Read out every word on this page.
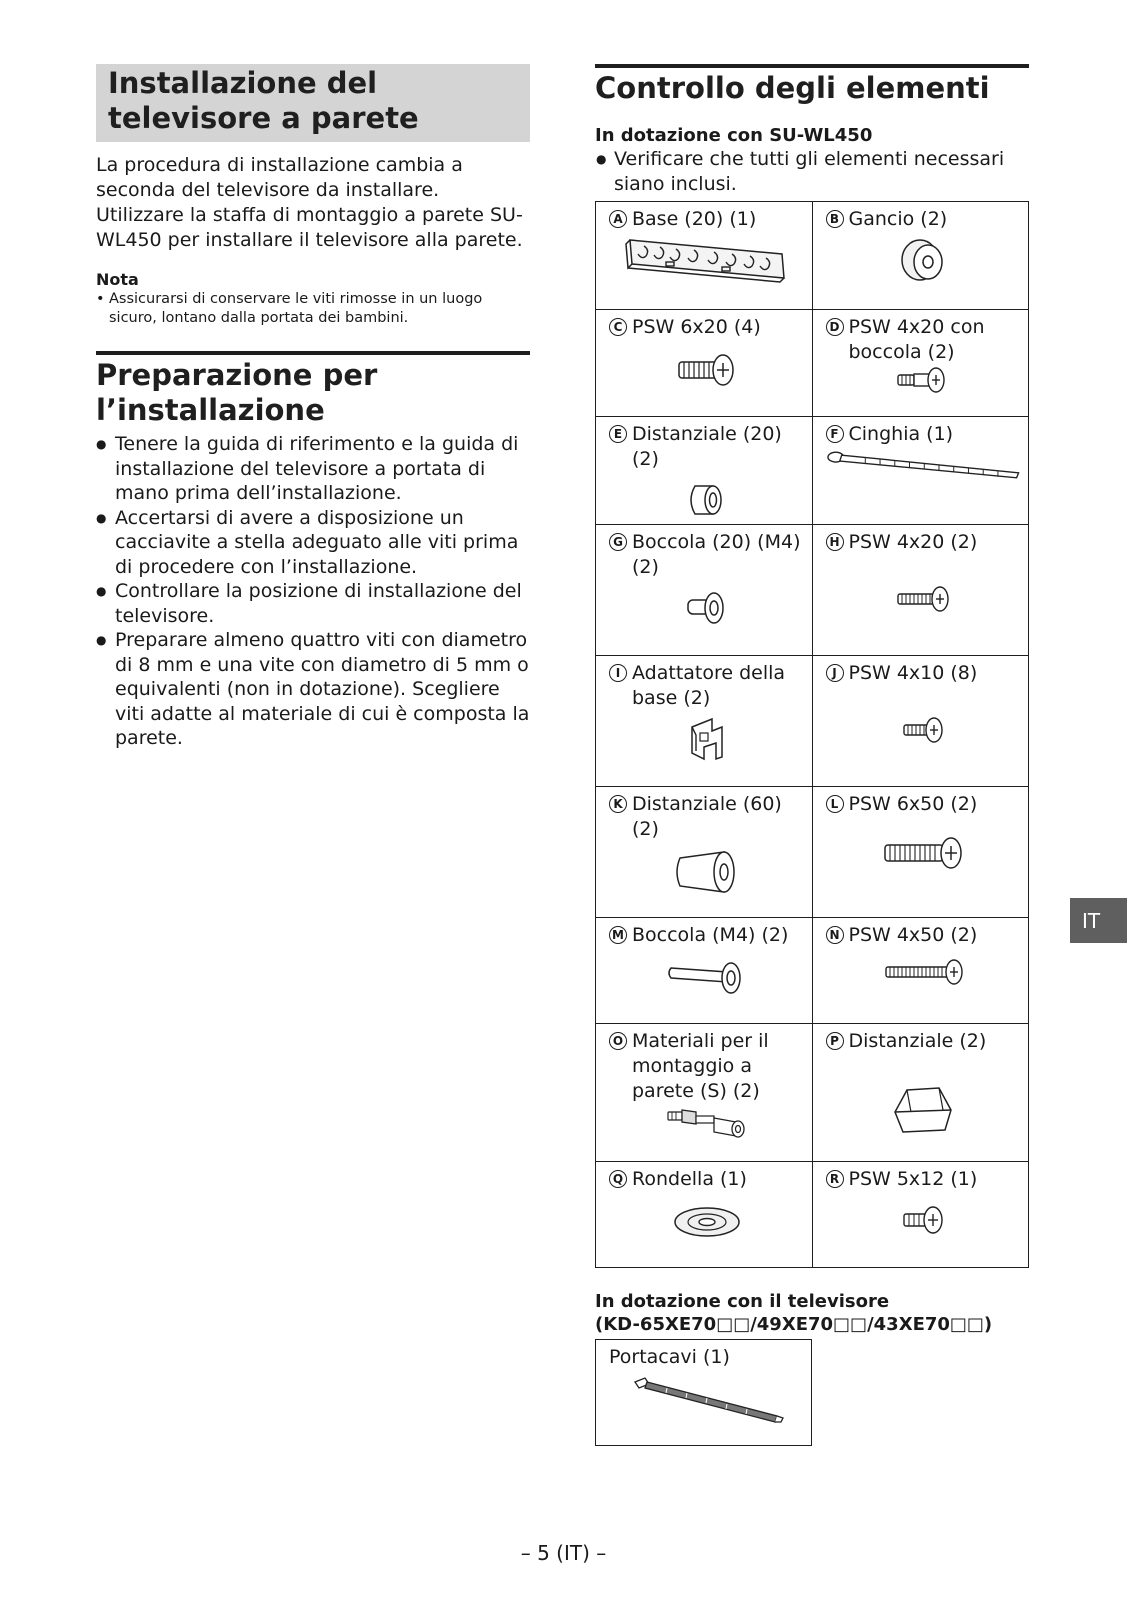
Installazione del televisore a parete

La procedura di installazione cambia a seconda del televisore da installare. Utilizzare la staffa di montaggio a parete SU-WL450 per installare il televisore alla parete.

Nota
• Assicurarsi di conservare le viti rimosse in un luogo sicuro, lontano dalla portata dei bambini.
Preparazione per l’installazione
● Tenere la guida di riferimento e la guida di installazione del televisore a portata di mano prima dell’installazione.
● Accertarsi di avere a disposizione un cacciavite a stella adeguato alle viti prima di procedere con l’installazione.
● Controllare la posizione di installazione del televisore.
● Preparare almeno quattro viti con diametro di 8 mm e una vite con diametro di 5 mm o equivalenti (non in dotazione). Scegliere viti adatte al materiale di cui è composta la parete.
Controllo degli elementi
In dotazione con SU-WL450
● Verificare che tutti gli elementi necessari siano inclusi.
A Base (20) (1)	B Gancio (2)

C PSW 6x20 (4)	D PSW 4x20 con boccola (2)

E Distanziale (20) (2)	F Cinghia (1)

G Boccola (20) (M4) (2)	H PSW 4x20 (2)

I Adattatore della base (2)	J PSW 4x10 (8)

K Distanziale (60) (2)	L PSW 6x50 (2)

M Boccola (M4) (2)	N PSW 4x50 (2)

O Materiali per il montaggio a parete (S) (2)	P Distanziale (2)

Q Rondella (1)	R PSW 5x12 (1)
In dotazione con il televisore
(KD-65XE70□□/49XE70□□/43XE70□□)
Portacavi (1)
IT
– 5 (IT) –
